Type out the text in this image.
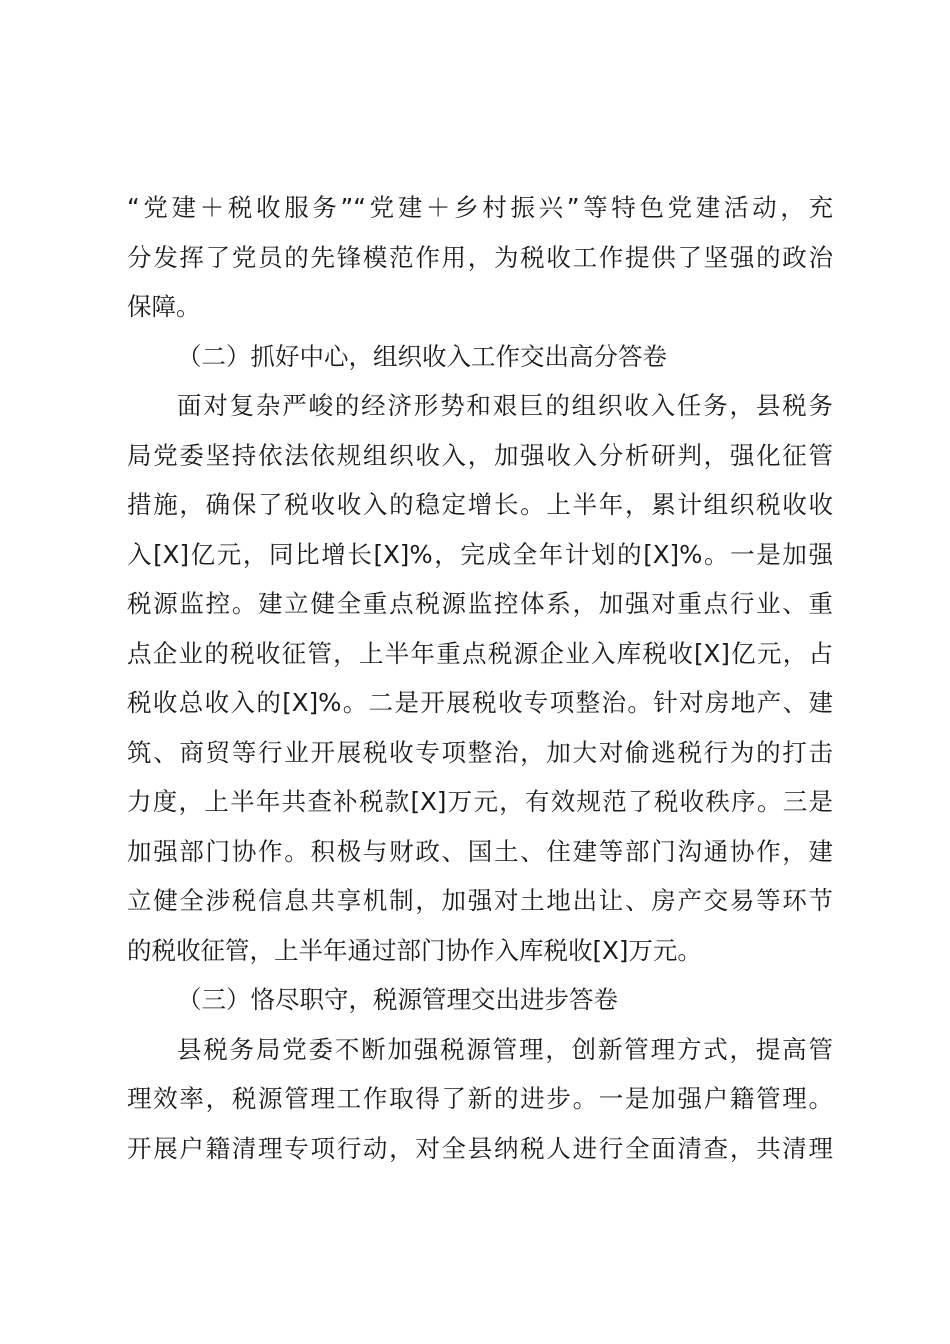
“党建＋税收服务”“党建＋乡村振兴”等特色党建活动，充
分发挥了党员的先锋模范作用，为税收工作提供了坚强的政治
保障。
（二）抓好中心，组织收入工作交出高分答卷
面对复杂严峻的经济形势和艰巨的组织收入任务，县税务
局党委坚持依法依规组织收入，加强收入分析研判，强化征管
措施，确保了税收收入的稳定增长。上半年，累计组织税收收
入[X]亿元，同比增长[X]%，完成全年计划的[X]%。一是加强
税源监控。建立健全重点税源监控体系，加强对重点行业、重
点企业的税收征管，上半年重点税源企业入库税收[X]亿元，占
税收总收入的[X]%。二是开展税收专项整治。针对房地产、建
筑、商贸等行业开展税收专项整治，加大对偷逃税行为的打击
力度，上半年共查补税款[X]万元，有效规范了税收秩序。三是
加强部门协作。积极与财政、国土、住建等部门沟通协作，建
立健全涉税信息共享机制，加强对土地出让、房产交易等环节
的税收征管，上半年通过部门协作入库税收[X]万元。
（三）恪尽职守，税源管理交出进步答卷
县税务局党委不断加强税源管理，创新管理方式，提高管
理效率，税源管理工作取得了新的进步。一是加强户籍管理。
开展户籍清理专项行动，对全县纳税人进行全面清查，共清理
